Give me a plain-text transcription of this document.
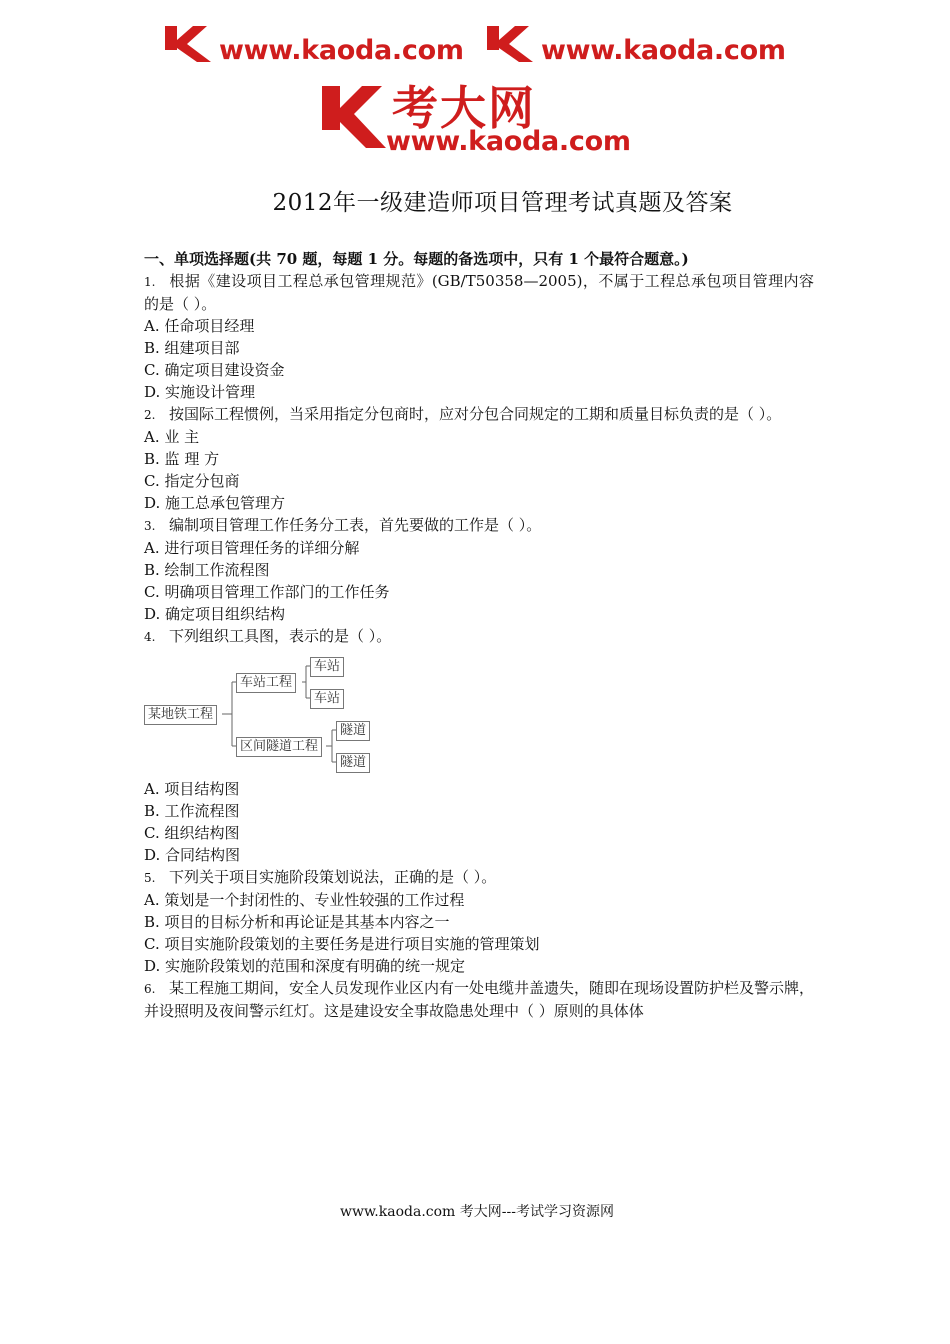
www.kaoda.com	www.kaoda.com
考大网
www.kaoda.com
2012年一级建造师项目管理考试真题及答案
一、单项选择题(共 70 题，每题 1 分。每题的备选项中，只有 1 个最符合题意。)
1. 根据《建设项目工程总承包管理规范》(GB/T50358—2005)，不属于工程总承包项目管理内容的是（ ）。
A. 任命项目经理
B. 组建项目部
C. 确定项目建设资金
D. 实施设计管理
2. 按国际工程惯例，当采用指定分包商时，应对分包合同规定的工期和质量目标负责的是（ ）。
A. 业 主
B. 监 理 方
C. 指定分包商
D. 施工总承包管理方
3. 编制项目管理工作任务分工表，首先要做的工作是（ ）。
A. 进行项目管理任务的详细分解
B. 绘制工作流程图
C. 明确项目管理工作部门的工作任务
D. 确定项目组织结构
4. 下列组织工具图，表示的是（ ）。
某地铁工程
车站工程
区间隧道工程
车站
车站
隧道
隧道
A. 项目结构图
B. 工作流程图
C. 组织结构图
D. 合同结构图
5. 下列关于项目实施阶段策划说法，正确的是（ ）。
A. 策划是一个封闭性的、专业性较强的工作过程
B. 项目的目标分析和再论证是其基本内容之一
C. 项目实施阶段策划的主要任务是进行项目实施的管理策划
D. 实施阶段策划的范围和深度有明确的统一规定
6. 某工程施工期间，安全人员发现作业区内有一处电缆井盖遗失，随即在现场设置防护栏及警示牌，并设照明及夜间警示红灯。这是建设安全事故隐患处理中（ ）原则的具体体
www.kaoda.com 考大网---考试学习资源网
